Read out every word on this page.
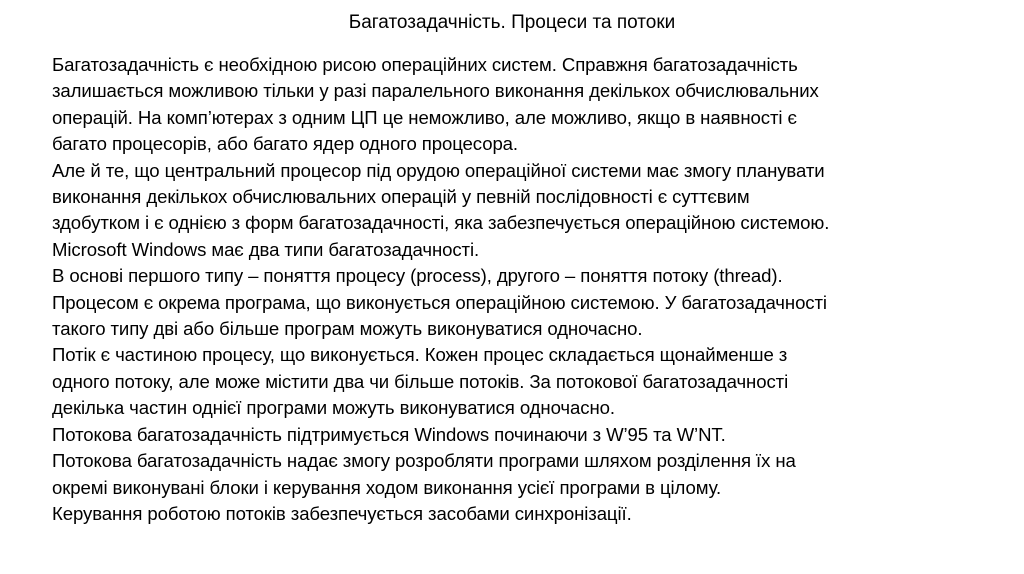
Багатозадачність. Процеси та потоки
Багатозадачність є необхідною рисою операційних систем. Справжня багатозадачність
залишається можливою тільки у разі паралельного виконання декількох обчислювальних
операцій. На комп’ютерах з одним ЦП це неможливо, але можливо, якщо в наявності є
багато процесорів, або багато ядер одного процесора.
Але й те, що центральний процесор під орудою операційної системи має змогу планувати
виконання декількох обчислювальних операцій у певній послідовності є суттєвим
здобутком і є однією з форм багатозадачності, яка забезпечується операційною системою.
Microsoft Windows має два типи багатозадачності.
В основі першого типу – поняття процесу (process), другого – поняття потоку (thread).
Процесом є окрема програма, що виконується операційною системою. У багатозадачності
такого типу дві або більше програм можуть виконуватися одночасно.
Потік є частиною процесу, що виконується. Кожен процес складається щонайменше з
одного потоку, але може містити два чи більше потоків. За потокової багатозадачності
декілька частин однієї програми можуть виконуватися одночасно.
Потокова багатозадачність підтримується Windows починаючи з W’95 та W’NT.
Потокова багатозадачність надає змогу розробляти програми шляхом розділення їх на
окремі виконувані блоки і керування ходом виконання усієї програми в цілому.
Керування роботою потоків забезпечується засобами синхронізації.
